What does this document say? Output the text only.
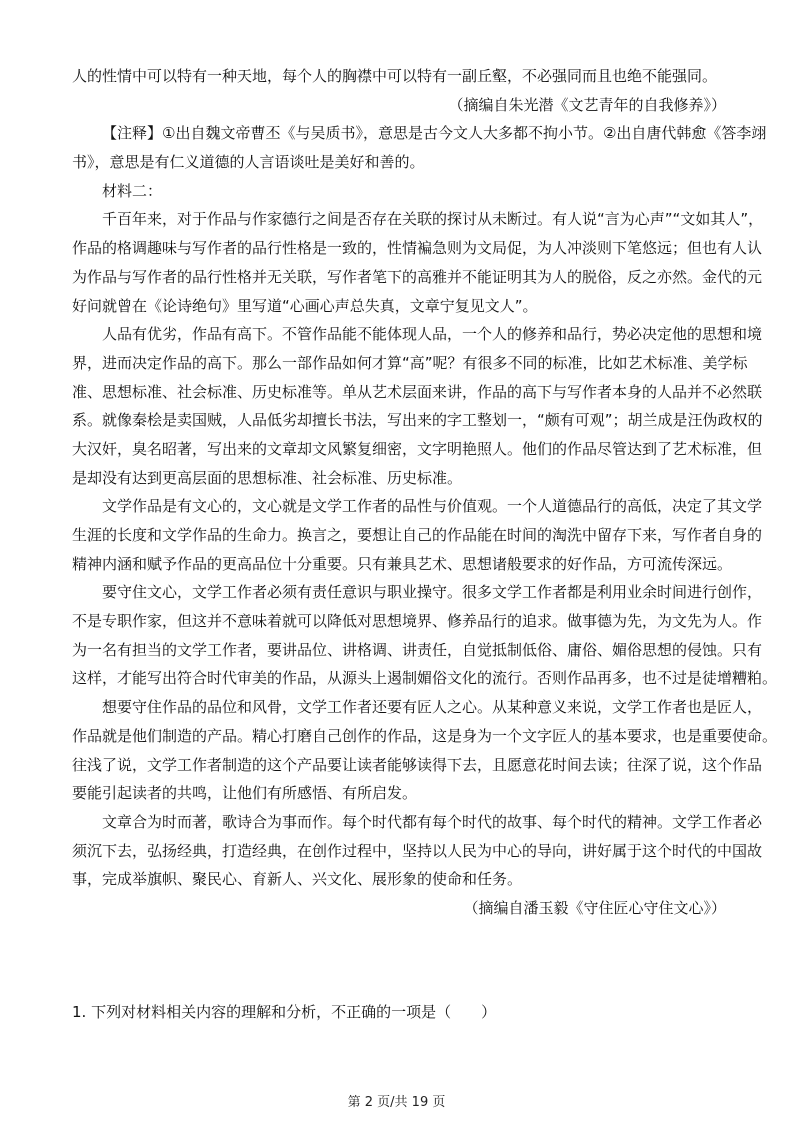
人的性情中可以特有一种天地，每个人的胸襟中可以特有一副丘壑，不必强同而且也绝不能强同。
（摘编自朱光潜《文艺青年的自我修养》）
【注释】①出自魏文帝曹丕《与吴质书》，意思是古今文人大多都不拘小节。②出自唐代韩愈《答李翊
书》，意思是有仁义道德的人言语谈吐是美好和善的。
材料二：
千百年来，对于作品与作家德行之间是否存在关联的探讨从未断过。有人说“言为心声”“文如其人”，
作品的格调趣味与写作者的品行性格是一致的，性情褊急则为文局促，为人冲淡则下笔悠远；但也有人认
为作品与写作者的品行性格并无关联，写作者笔下的高雅并不能证明其为人的脱俗，反之亦然。金代的元
好问就曾在《论诗绝句》里写道“心画心声总失真，文章宁复见文人”。
人品有优劣，作品有高下。不管作品能不能体现人品，一个人的修养和品行，势必决定他的思想和境
界，进而决定作品的高下。那么一部作品如何才算“高”呢？有很多不同的标准，比如艺术标准、美学标
准、思想标准、社会标准、历史标准等。单从艺术层面来讲，作品的高下与写作者本身的人品并不必然联
系。就像秦桧是卖国贼，人品低劣却擅长书法，写出来的字工整划一，“颇有可观”；胡兰成是汪伪政权的
大汉奸，臭名昭著，写出来的文章却文风繁复细密，文字明艳照人。他们的作品尽管达到了艺术标准，但
是却没有达到更高层面的思想标准、社会标准、历史标准。
文学作品是有文心的，文心就是文学工作者的品性与价值观。一个人道德品行的高低，决定了其文学
生涯的长度和文学作品的生命力。换言之，要想让自己的作品能在时间的淘洗中留存下来，写作者自身的
精神内涵和赋予作品的更高品位十分重要。只有兼具艺术、思想诸般要求的好作品，方可流传深远。
要守住文心，文学工作者必须有责任意识与职业操守。很多文学工作者都是利用业余时间进行创作，
不是专职作家，但这并不意味着就可以降低对思想境界、修养品行的追求。做事德为先，为文先为人。作
为一名有担当的文学工作者，要讲品位、讲格调、讲责任，自觉抵制低俗、庸俗、媚俗思想的侵蚀。只有
这样，才能写出符合时代审美的作品，从源头上遏制媚俗文化的流行。否则作品再多，也不过是徒增糟粕。
想要守住作品的品位和风骨，文学工作者还要有匠人之心。从某种意义来说，文学工作者也是匠人，
作品就是他们制造的产品。精心打磨自己创作的作品，这是身为一个文字匠人的基本要求，也是重要使命。
往浅了说，文学工作者制造的这个产品要让读者能够读得下去，且愿意花时间去读；往深了说，这个作品
要能引起读者的共鸣，让他们有所感悟、有所启发。
文章合为时而著，歌诗合为事而作。每个时代都有每个时代的故事、每个时代的精神。文学工作者必
须沉下去，弘扬经典，打造经典，在创作过程中，坚持以人民为中心的导向，讲好属于这个时代的中国故
事，完成举旗帜、聚民心、育新人、兴文化、展形象的使命和任务。
（摘编自潘玉毅《守住匠心守住文心》）
1. 下列对材料相关内容的理解和分析，不正确的一项是（　　）
第 2 页/共 19 页
